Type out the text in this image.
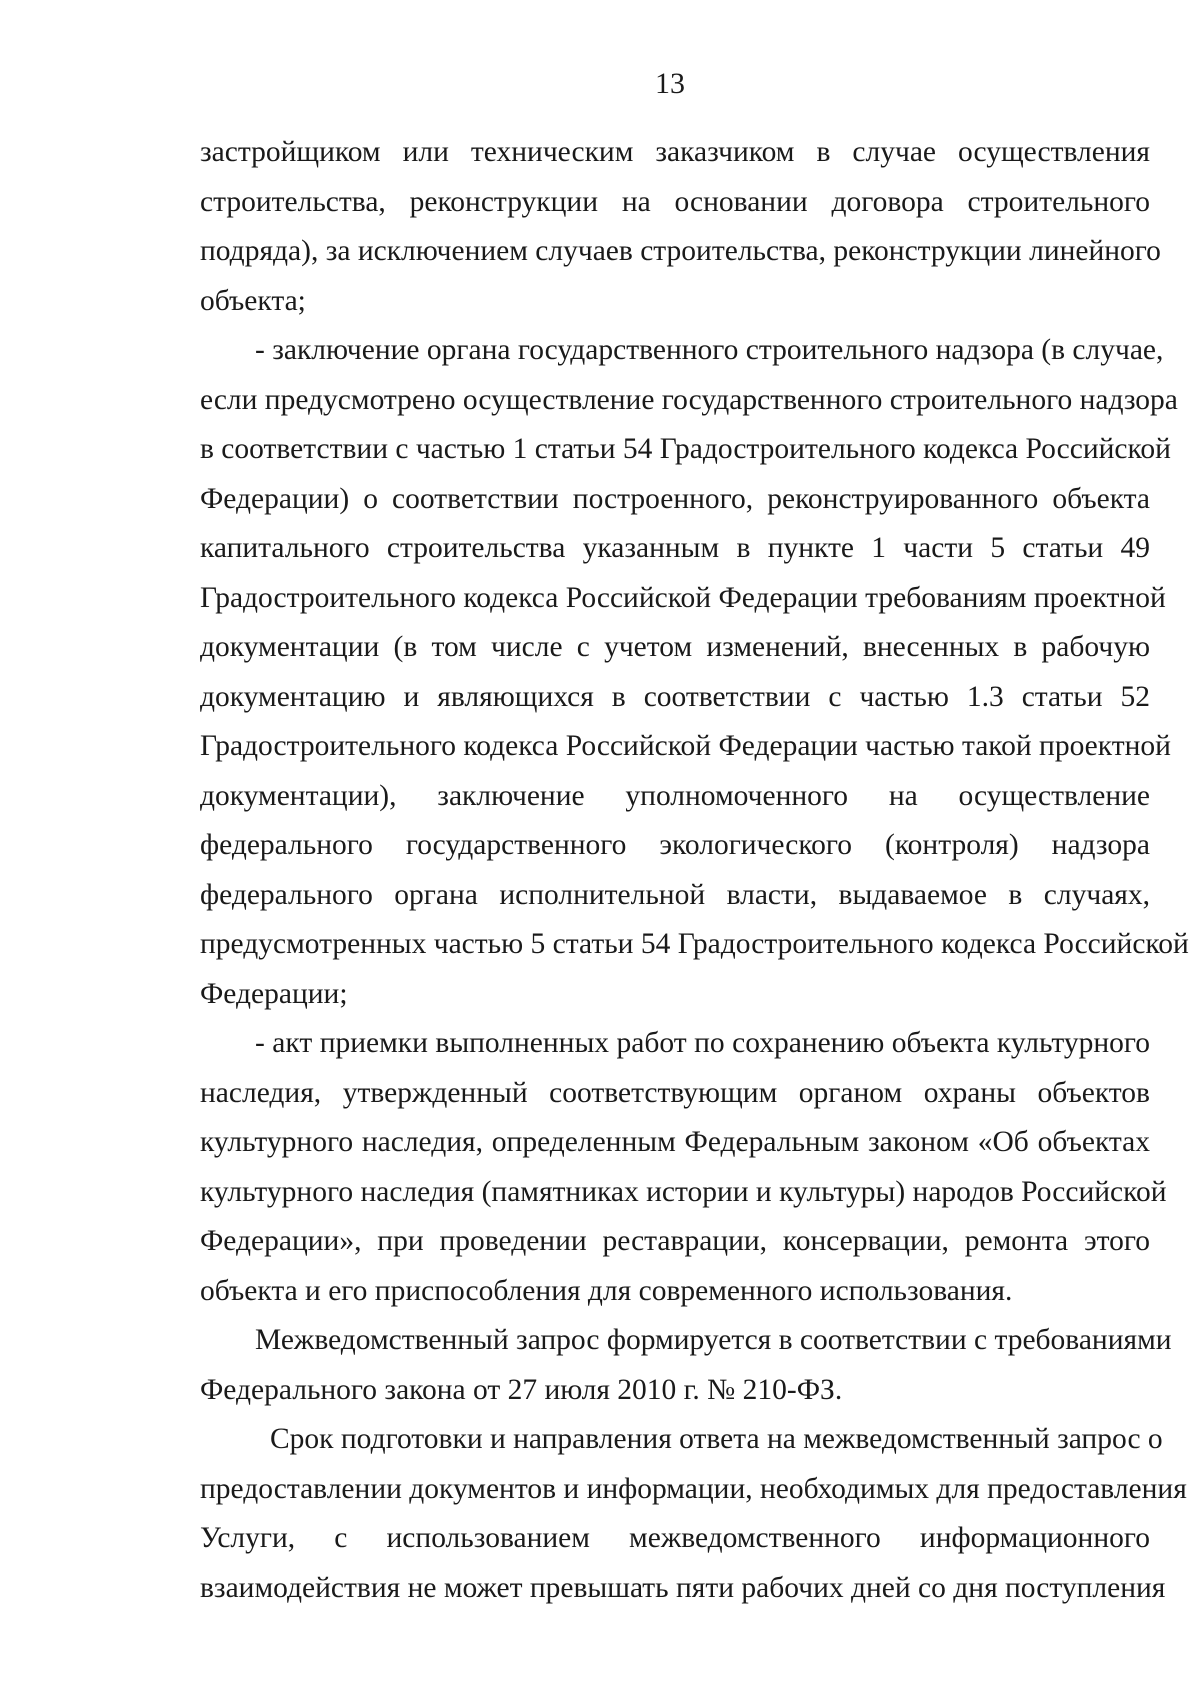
13
застройщиком или техническим заказчиком в случае осуществления
строительства, реконструкции на основании договора строительного
подряда), за исключением случаев строительства, реконструкции линейного
объекта;
- заключение органа государственного строительного надзора (в случае,
если предусмотрено осуществление государственного строительного надзора
в соответствии с частью 1 статьи 54 Градостроительного кодекса Российской
Федерации) о соответствии построенного, реконструированного объекта
капитального строительства указанным в пункте 1 части 5 статьи 49
Градостроительного кодекса Российской Федерации требованиям проектной
документации (в том числе с учетом изменений, внесенных в рабочую
документацию и являющихся в соответствии с частью 1.3 статьи 52
Градостроительного кодекса Российской Федерации частью такой проектной
документации), заключение уполномоченного на осуществление
федерального государственного экологического (контроля) надзора
федерального органа исполнительной власти, выдаваемое в случаях,
предусмотренных частью 5 статьи 54 Градостроительного кодекса Российской
Федерации;
- акт приемки выполненных работ по сохранению объекта культурного
наследия, утвержденный соответствующим органом охраны объектов
культурного наследия, определенным Федеральным законом «Об объектах
культурного наследия (памятниках истории и культуры) народов Российской
Федерации», при проведении реставрации, консервации, ремонта этого
объекта и его приспособления для современного использования.
Межведомственный запрос формируется в соответствии с требованиями
Федерального закона от 27 июля 2010 г. № 210-ФЗ.
Срок подготовки и направления ответа на межведомственный запрос о
предоставлении документов и информации, необходимых для предоставления
Услуги, с использованием межведомственного информационного
взаимодействия не может превышать пяти рабочих дней со дня поступления
